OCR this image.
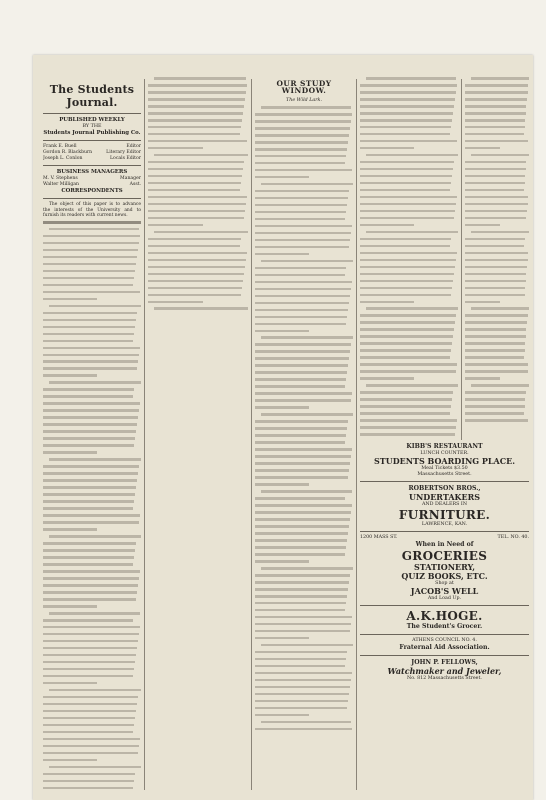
The Students Journal.
PUBLISHED WEEKLY
BY THE
Students Journal Publishing Co.
Frank E. Buell	Editor
Gordon R. Blackburn	Literary Editor
Joseph L. Conlon	Locals Editor
BUSINESS MANAGERS
M. V. Stephens	Manager
Walter Milligan	Asst.
CORRESPONDENTS
The object of this paper is to advance the interests of the University and to furnish its readers with current news.
OUR STUDY WINDOW.
The Wild Lark.
KIBB'S RESTAURANT
LUNCH COUNTER.
STUDENTS BOARDING PLACE.
Meal Tickets $3.50
Massachusetts Street.
ROBERTSON BROS.,
UNDERTAKERS
AND DEALERS IN
FURNITURE.
LAWRENCE, KAN.
1200 MASS ST.	TEL. NO. 40.
When in Need of
GROCERIES
STATIONERY,
QUIZ BOOKS, ETC.
Shop at
JACOB'S WELL
And Load Up.
A.K.HOGE.
The Student's Grocer.
ATHENS COUNCIL NO. 4.
Fraternal Aid Association.
JOHN P. FELLOWS,
Watchmaker and Jeweler,
No. 812 Massachusetts Street.
